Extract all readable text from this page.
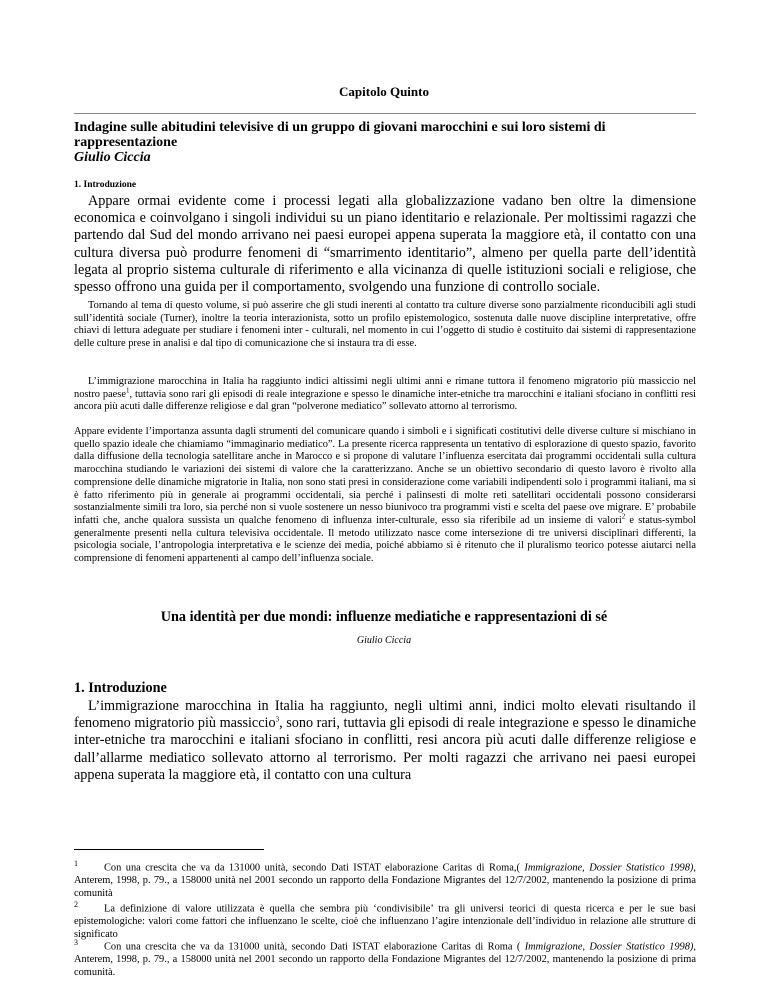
Capitolo Quinto
Indagine sulle abitudini televisive di un gruppo di giovani marocchini e sui loro sistemi di rappresentazione
Giulio Ciccia
1. Introduzione

Appare ormai evidente come i processi legati alla globalizzazione vadano ben oltre la dimensione economica e coinvolgano i singoli individui su un piano identitario e relazionale. Per moltissimi ragazzi che partendo dal Sud del mondo arrivano nei paesi europei appena superata la maggiore età, il contatto con una cultura diversa può produrre fenomeni di “smarrimento identitario”, almeno per quella parte dell’identità legata al proprio sistema culturale di riferimento e alla vicinanza di quelle istituzioni sociali e religiose, che spesso offrono una guida per il comportamento, svolgendo una funzione di controllo sociale.

Tornando al tema di questo volume, si può asserire che gli studi inerenti al contatto tra culture diverse sono parzialmente riconducibili agli studi sull’identità sociale (Turner), inoltre la teoria interazionista, sotto un profilo epistemologico, sostenuta dalle nuove discipline interpretative, offre chiavi di lettura adeguate per studiare i fenomeni inter - culturali, nel momento in cui l’oggetto di studio è costituito dai sistemi di rappresentazione delle culture prese in analisi e dal tipo di comunicazione che si instaura tra di esse.

L’immigrazione marocchina in Italia ha raggiunto indici altissimi negli ultimi anni e rimane tuttora il fenomeno migratorio più massiccio nel nostro paese$^1$, tuttavia sono rari gli episodi di reale integrazione e spesso le dinamiche inter-etniche tra marocchini e italiani sfociano in conflitti resi ancora più acuti dalle differenze religiose e dal gran “polverone mediatico” sollevato attorno al terrorismo.

Appare evidente l’importanza assunta dagli strumenti del comunicare quando i simboli e i significati costitutivi delle diverse culture si mischiano in quello spazio ideale che chiamiamo “immaginario mediatico”. La presente ricerca rappresenta un tentativo di esplorazione di questo spazio, favorito dalla diffusione della tecnologia satellitare anche in Marocco e si propone di valutare l’influenza esercitata dai programmi occidentali sulla cultura marocchina studiando le variazioni dei sistemi di valore che la caratterizzano. Anche se un obiettivo secondario di questo lavoro è rivolto alla comprensione delle dinamiche migratorie in Italia, non sono stati presi in considerazione come variabili indipendenti solo i programmi italiani, ma si è fatto riferimento più in generale ai programmi occidentali, sia perché i palinsesti di molte reti satellitari occidentali possono considerarsi sostanzialmente simili tra loro, sia perché non si vuole sostenere un nesso biunivoco tra programmi visti e scelta del paese ove migrare. E’ probabile infatti che, anche qualora sussista un qualche fenomeno di influenza inter-culturale, esso sia riferibile ad un insieme di valori$^2$ e status-symbol generalmente presenti nella cultura televisiva occidentale. Il metodo utilizzato nasce come intersezione di tre universi disciplinari differenti, la psicologia sociale, l’antropologia interpretativa e le scienze dei media, poiché abbiamo si è ritenuto che il pluralismo teorico potesse aiutarci nella comprensione di fenomeni appartenenti al campo dell’influenza sociale.

Una identità per due mondi: influenze mediatiche e rappresentazioni di sé
Giulio Ciccia
1. Introduzione

L’immigrazione marocchina in Italia ha raggiunto, negli ultimi anni, indici molto elevati risultando il fenomeno migratorio più massiccio$^3$, sono rari, tuttavia gli episodi di reale integrazione e spesso le dinamiche inter-etniche tra marocchini e italiani sfociano in conflitti, resi ancora più acuti dalle differenze religiose e dall’allarme mediatico sollevato attorno al terrorismo. Per molti ragazzi che arrivano nei paesi europei appena superata la maggiore età, il contatto con una cultura

$^1$	Con una crescita che va da 131000 unità, secondo Dati ISTAT elaborazione Caritas di Roma,( Immigrazione, Dossier Statistico 1998), Anterem, 1998, p. 79., a 158000 unità nel 2001 secondo un rapporto della Fondazione Migrantes del 12/7/2002, mantenendo la posizione di prima comunità

$^2$	La definizione di valore utilizzata è quella che sembra più ‘condivisibile’ tra gli universi teorici di questa ricerca e per le sue basi epistemologiche: valori come fattori che influenzano le scelte, cioè che influenzano l’agire intenzionale dell’individuo in relazione alle strutture di significato

$^3$	Con una crescita che va da 131000 unità, secondo Dati ISTAT elaborazione Caritas di Roma ( Immigrazione, Dossier Statistico 1998), Anterem, 1998, p. 79., a 158000 unità nel 2001 secondo un rapporto della Fondazione Migrantes del 12/7/2002, mantenendo la posizione di prima comunità.
